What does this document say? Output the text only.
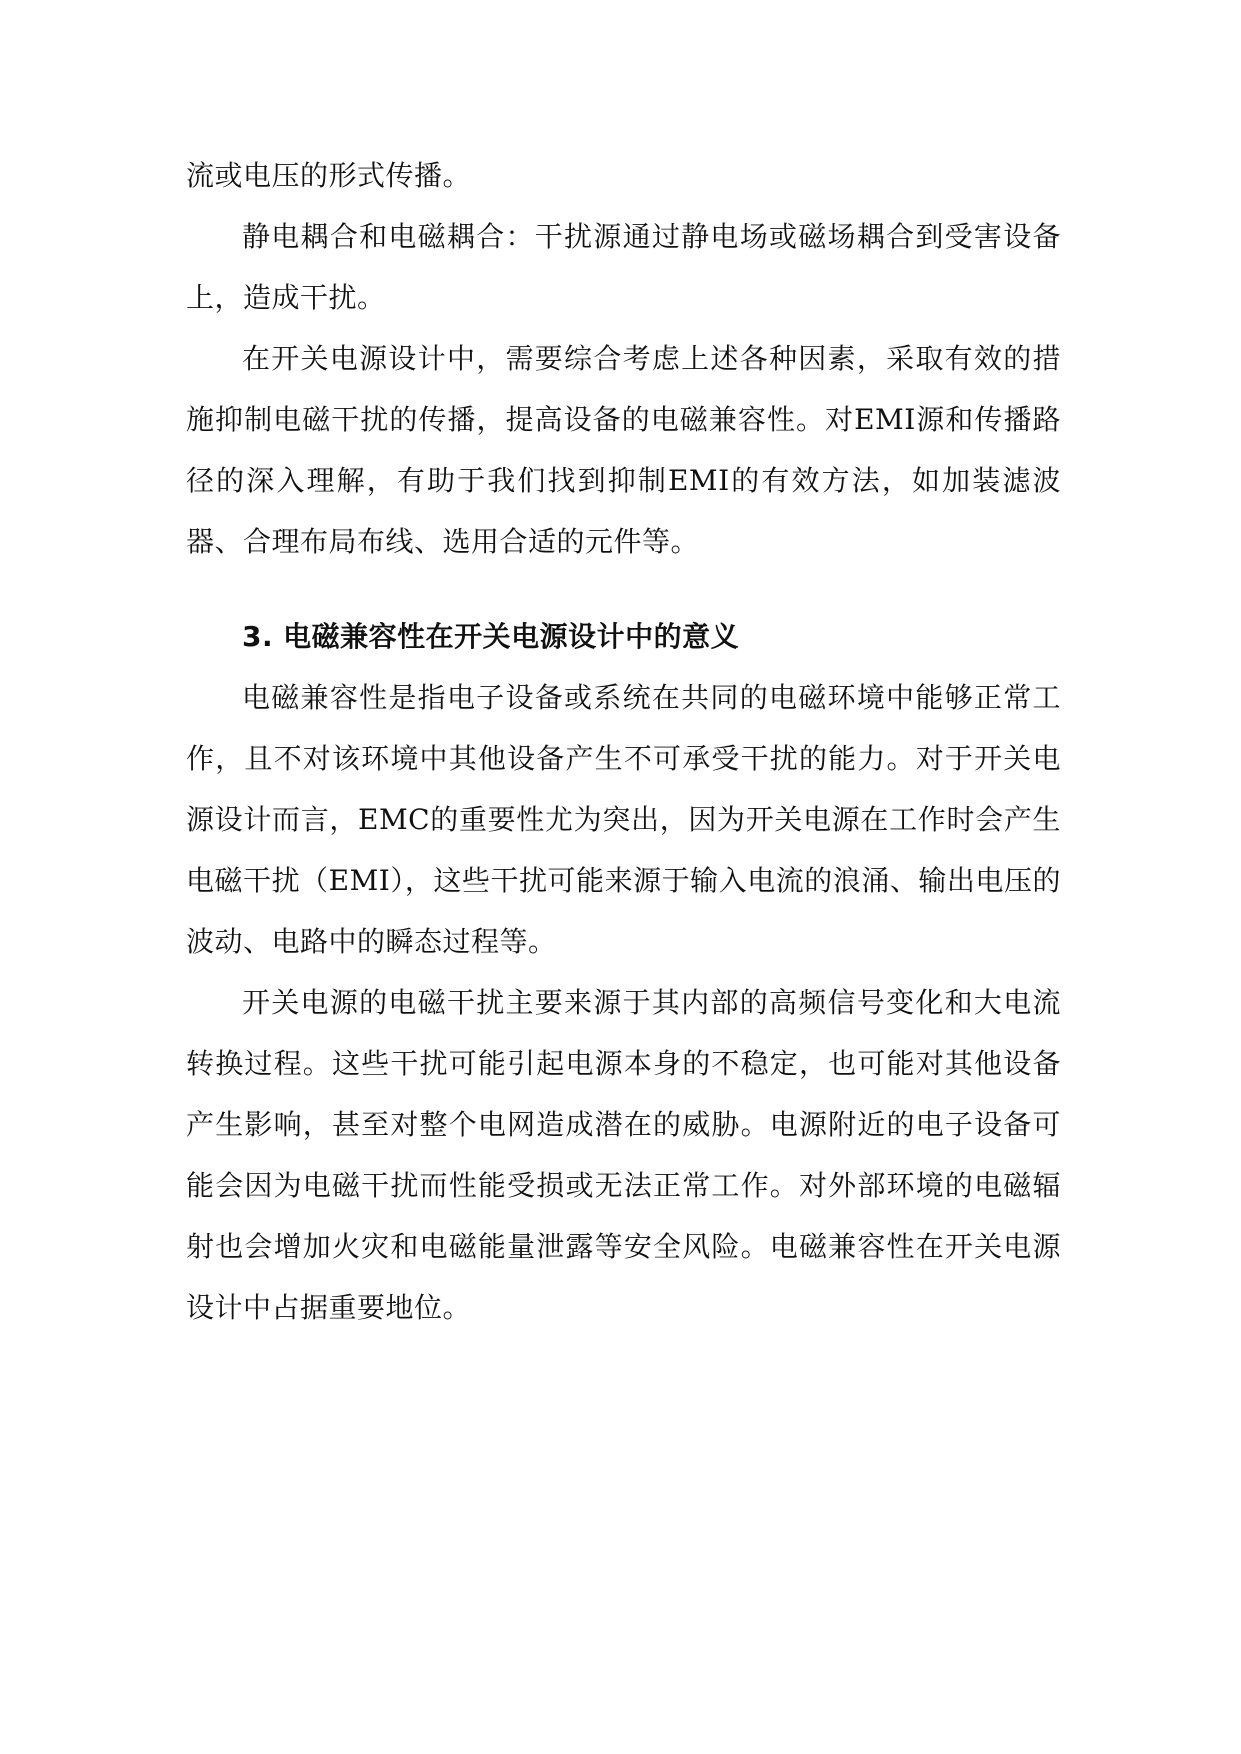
流或电压的形式传播。

静电耦合和电磁耦合：干扰源通过静电场或磁场耦合到受害设备上，造成干扰。

在开关电源设计中，需要综合考虑上述各种因素，采取有效的措施抑制电磁干扰的传播，提高设备的电磁兼容性。对EMI源和传播路径的深入理解，有助于我们找到抑制EMI的有效方法，如加装滤波器、合理布局布线、选用合适的元件等。

3. 电磁兼容性在开关电源设计中的意义

电磁兼容性是指电子设备或系统在共同的电磁环境中能够正常工作，且不对该环境中其他设备产生不可承受干扰的能力。对于开关电源设计而言，EMC的重要性尤为突出，因为开关电源在工作时会产生电磁干扰（EMI），这些干扰可能来源于输入电流的浪涌、输出电压的波动、电路中的瞬态过程等。

开关电源的电磁干扰主要来源于其内部的高频信号变化和大电流转换过程。这些干扰可能引起电源本身的不稳定，也可能对其他设备产生影响，甚至对整个电网造成潜在的威胁。电源附近的电子设备可能会因为电磁干扰而性能受损或无法正常工作。对外部环境的电磁辐射也会增加火灾和电磁能量泄露等安全风险。电磁兼容性在开关电源设计中占据重要地位。
